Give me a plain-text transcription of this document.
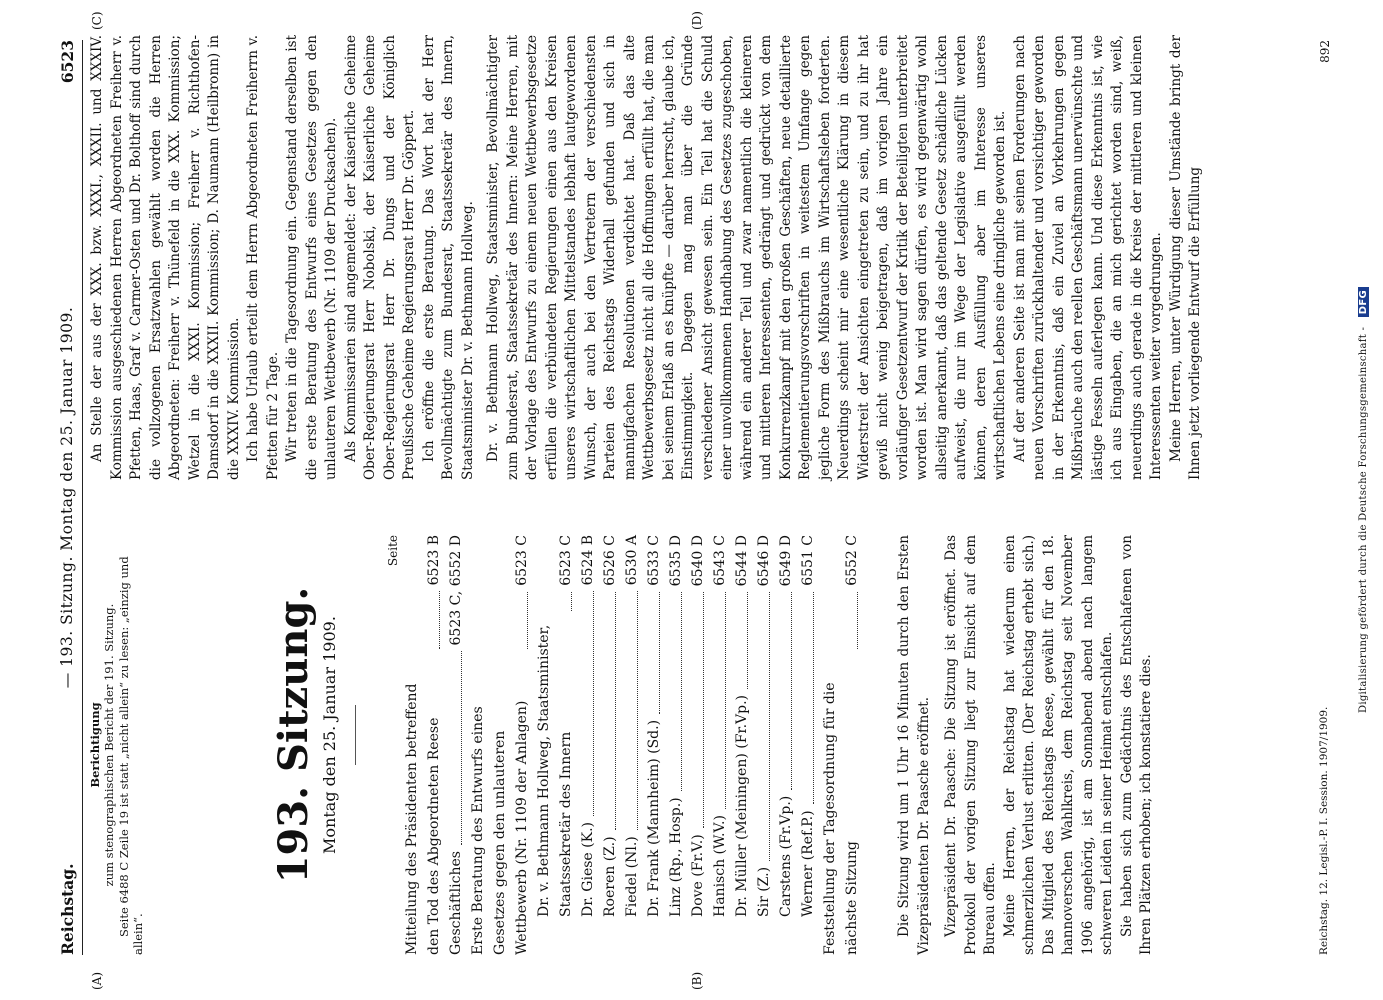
Reichstag.
— 193. Sitzung. Montag den 25. Januar 1909.
6523
(A)	(B)
(C)	(D)
Berichtigung zum stenographischen Bericht der 191. Sitzung. Seite 6488 C Zeile 19 ist statt „nicht allein“ zu lesen: „einzig und allein“.
193. Sitzung. Montag den 25. Januar 1909.
Seite
Mitteilung des Präsidenten betreffend den Tod des Abgeordneten Reese
6523 B
Geschäftliches
6523 C, 6552 D
Erste Beratung des Entwurfs eines Gesetzes gegen den unlauteren Wettbewerb (Nr. 1109 der Anlagen)
6523 C
Dr. v. Bethmann Hollweg, Staatsminister, Staatssekretär des Innern
6523 C
Dr. Giese (K.)
6524 B
Roeren (Z.)
6526 C
Fiedel (Nl.)
6530 A
Dr. Frank (Mannheim) (Sd.)
6533 C
Linz (Rp., Hosp.)
6535 D
Dove (Fr.V.)
6540 D
Hanisch (W.V.)
6543 C
Dr. Müller (Meiningen) (Fr.Vp.)
6544 D
Sir (Z.)
6546 D
Carstens (Fr.Vp.)
6549 D
Werner (Ref.P.)
6551 C
Feststellung der Tagesordnung für die nächste Sitzung
6552 C	Die Sitzung wird um 1 Uhr 16 Minuten durch den Ersten Vizepräsidenten Dr. Paasche eröffnet. Vizepräsident Dr. Paasche: Die Sitzung ist eröffnet. Das Protokoll der vorigen Sitzung liegt zur Einsicht auf dem Bureau offen. Meine Herren, der Reichstag hat wiederum einen schmerzlichen Verlust erlitten. (Der Reichstag erhebt sich.) Das Mitglied des Reichstags Reese, gewählt für den 18. hannoverschen Wahlkreis, dem Reichstag seit November 1906 angehörig, ist am Sonnabend abend nach langem schweren Leiden in seiner Heimat entschlafen. Sie haben sich zum Gedächtnis des Entschlafenen von Ihren Plätzen erhoben; ich konstatiere dies.	Reichstag. 12. Legisl.-P. I. Session. 1907/1909.

An Stelle der aus der XXX. bzw. XXXI., XXXII. und XXXIV. Kommission ausgeschiedenen Herren Abgeordneten Freiherr v. Pfetten, Haas, Graf v. Carmer-Osten und Dr. Bolthoff sind durch die vollzogenen Ersatzwahlen gewählt worden die Herren Abgeordneten: Freiherr v. Thünefeld in die XXX. Kommission; Wetzel in die XXXI. Kommission; Freiherr v. Richthofen-Damsdorf in die XXXII. Kommission; D. Naumann (Heilbronn) in die XXXIV. Kommission. Ich habe Urlaub erteilt dem Herrn Abgeordneten Freiherrn v. Pfetten für 2 Tage. Wir treten in die Tagesordnung ein. Gegenstand derselben ist die erste Beratung des Entwurfs eines Gesetzes gegen den unlauteren Wettbewerb (Nr. 1109 der Drucksachen). Als Kommissarien sind angemeldet: der Kaiserliche Geheime Ober-Regierungsrat Herr Nobolski, der Kaiserliche Geheime Ober-Regierungsrat Herr Dr. Dungs und der Königlich Preußische Geheime Regierungsrat Herr Dr. Göppert. Ich eröffne die erste Beratung. Das Wort hat der Herr Bevollmächtigte zum Bundesrat, Staatssekretär des Innern, Staatsminister Dr. v. Bethmann Hollweg. Dr. v. Bethmann Hollweg, Staatsminister, Bevollmächtigter zum Bundesrat, Staatssekretär des Innern: Meine Herren, mit der Vorlage des Entwurfs zu einem neuen Wettbewerbsgesetze erfüllen die verbündeten Regierungen einen aus den Kreisen unseres wirtschaftlichen Mittelstandes lebhaft lautgewordenen Wunsch, der auch bei den Vertretern der verschiedensten Parteien des Reichstags Widerhall gefunden und sich in mannigfachen Resolutionen verdichtet hat. Daß das alte Wettbewerbsgesetz nicht all die Hoffnungen erfüllt hat, die man bei seinem Erlaß an es knüpfte — darüber herrscht, glaube ich, Einstimmigkeit. Dagegen mag man über die Gründe verschiedener Ansicht gewesen sein. Ein Teil hat die Schuld einer unvollkommenen Handhabung des Gesetzes zugeschoben, während ein anderer Teil und zwar namentlich die kleineren und mittleren Interessenten, gedrängt und gedrückt von dem Konkurrenzkampf mit den großen Geschäften, neue detaillierte Reglementierungsvorschriften in weitestem Umfange gegen jegliche Form des Mißbrauchs im Wirtschaftsleben forderten. Neuerdings scheint mir eine wesentliche Klärung in diesem Widerstreit der Ansichten eingetreten zu sein, und zu ihr hat gewiß nicht wenig beigetragen, daß im vorigen Jahre ein vorläufiger Gesetzentwurf der Kritik der Beteiligten unterbreitet worden ist. Man wird sagen dürfen, es wird gegenwärtig wohl allseitig anerkannt, daß das geltende Gesetz schädliche Lücken aufweist, die nur im Wege der Legislative ausgefüllt werden können, deren Ausfüllung aber im Interesse unseres wirtschaftlichen Lebens eine dringliche geworden ist. Auf der anderen Seite ist man mit seinen Forderungen nach neuen Vorschriften zurückhaltender und vorsichtiger geworden in der Erkenntnis, daß ein Zuviel an Vorkehrungen gegen Mißbräuche auch den reellen Geschäftsmann unerwünschte und lästige Fesseln auferlegen kann. Und diese Erkenntnis ist, wie ich aus Eingaben, die an mich gerichtet worden sind, weiß, neuerdings auch gerade in die Kreise der mittleren und kleinen Interessenten weiter vorgedrungen. Meine Herren, unter Würdigung dieser Umstände bringt der Ihnen jetzt vorliegende Entwurf die Erfüllung

892
Digitalisierung gefördert durch die Deutsche Forschungsgemeinschaft - DFG
